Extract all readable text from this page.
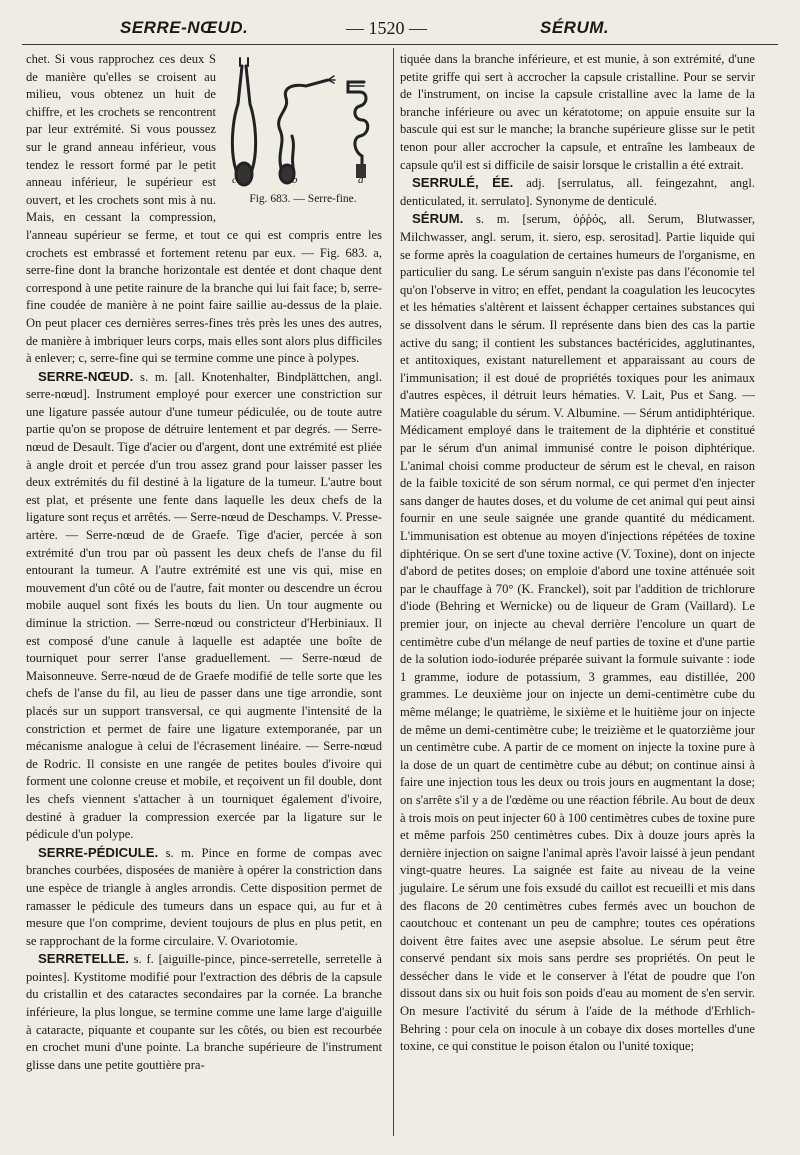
SERRE-NŒUD.	— 1520 —	SÉRUM.
c	b	a
Fig. 683. — Serre-fine.

chet. Si vous rapprochez ces deux S de manière qu'elles se croisent au milieu, vous obtenez un huit de chiffre, et les crochets se rencontrent par leur extrémité. Si vous poussez sur le grand anneau inférieur, vous tendez le ressort formé par le petit anneau inférieur, le supérieur est ouvert, et les crochets sont mis à nu. Mais, en cessant la compression, l'anneau supérieur se ferme, et tout ce qui est compris entre les crochets est embrassé et fortement retenu par eux. — Fig. 683. a, serre-fine dont la branche horizontale est dentée et dont chaque dent correspond à une petite rainure de la branche qui lui fait face; b, serre-fine coudée de manière à ne point faire saillie au-dessus de la plaie. On peut placer ces dernières serres-fines très près les unes des autres, de manière à imbriquer leurs corps, mais elles sont alors plus difficiles à enlever; c, serre-fine qui se termine comme une pince à polypes.

SERRE-NŒUD. s. m. [all. Knotenhalter, Bindplättchen, angl. serre-nœud]. Instrument employé pour exercer une constriction sur une ligature passée autour d'une tumeur pédiculée, ou de toute autre partie qu'on se propose de détruire lentement et par degrés. — Serre-nœud de Desault. Tige d'acier ou d'argent, dont une extrémité est pliée à angle droit et percée d'un trou assez grand pour laisser passer les deux extrémités du fil destiné à la ligature de la tumeur. L'autre bout est plat, et présente une fente dans laquelle les deux chefs de la ligature sont reçus et arrêtés. — Serre-nœud de Deschamps. V. Presse-artère. — Serre-nœud de de Graefe. Tige d'acier, percée à son extrémité d'un trou par où passent les deux chefs de l'anse du fil entourant la tumeur. A l'autre extrémité est une vis qui, mise en mouvement d'un côté ou de l'autre, fait monter ou descendre un écrou mobile auquel sont fixés les bouts du lien. Un tour augmente ou diminue la striction. — Serre-nœud ou constricteur d'Herbiniaux. Il est composé d'une canule à laquelle est adaptée une boîte de tourniquet pour serrer l'anse graduellement. — Serre-nœud de Maisonneuve. Serre-nœud de de Graefe modifié de telle sorte que les chefs de l'anse du fil, au lieu de passer dans une tige arrondie, sont placés sur un support transversal, ce qui augmente l'intensité de la constriction et permet de faire une ligature extemporanée, par un mécanisme analogue à celui de l'écrasement linéaire. — Serre-nœud de Rodric. Il consiste en une rangée de petites boules d'ivoire qui forment une colonne creuse et mobile, et reçoivent un fil double, dont les chefs viennent s'attacher à un tourniquet également d'ivoire, destiné à graduer la compression exercée par la ligature sur le pédicule d'un polype.

SERRE-PÉDICULE. s. m. Pince en forme de compas avec branches courbées, disposées de manière à opérer la constriction dans une espèce de triangle à angles arrondis. Cette disposition permet de ramasser le pédicule des tumeurs dans un espace qui, au fur et à mesure que l'on comprime, devient toujours de plus en plus petit, en se rapprochant de la forme circulaire. V. Ovariotomie.

SERRETELLE. s. f. [aiguille-pince, pince-serretelle, serretelle à pointes]. Kystitome modifié pour l'extraction des débris de la capsule du cristallin et des cataractes secondaires par la cornée. La branche inférieure, la plus longue, se termine comme une lame large d'aiguille à cataracte, piquante et coupante sur les côtés, ou bien est recourbée en crochet muni d'une pointe. La branche supérieure de l'instrument glisse dans une petite gouttière pra-

tiquée dans la branche inférieure, et est munie, à son extrémité, d'une petite griffe qui sert à accrocher la capsule cristalline. Pour se servir de l'instrument, on incise la capsule cristalline avec la lame de la branche inférieure ou avec un kératotome; on appuie ensuite sur la bascule qui est sur le manche; la branche supérieure glisse sur le petit tenon pour aller accrocher la capsule, et entraîne les lambeaux de capsule qu'il est si difficile de saisir lorsque le cristallin a été extrait.

SERRULÉ, ÉE. adj. [serrulatus, all. feingezahnt, angl. denticulated, it. serrulato]. Synonyme de denticulé.

SÉRUM. s. m. [serum, ὀῤῥός, all. Serum, Blutwasser, Milchwasser, angl. serum, it. siero, esp. serositad]. Partie liquide qui se forme après la coagulation de certaines humeurs de l'organisme, en particulier du sang. Le sérum sanguin n'existe pas dans l'économie tel qu'on l'observe in vitro; en effet, pendant la coagulation les leucocytes et les hématies s'altèrent et laissent échapper certaines substances qui se dissolvent dans le sérum. Il représente dans bien des cas la partie active du sang; il contient les substances bactéricides, agglutinantes, et antitoxiques, existant naturellement et apparaissant au cours de l'immunisation; il est doué de propriétés toxiques pour les animaux d'autres espèces, il détruit leurs hématies. V. Lait, Pus et Sang. — Matière coagulable du sérum. V. Albumine. — Sérum antidiphtérique. Médicament employé dans le traitement de la diphtérie et constitué par le sérum d'un animal immunisé contre le poison diphtérique. L'animal choisi comme producteur de sérum est le cheval, en raison de la faible toxicité de son sérum normal, ce qui permet d'en injecter sans danger de hautes doses, et du volume de cet animal qui peut ainsi fournir en une seule saignée une grande quantité du médicament. L'immunisation est obtenue au moyen d'injections répétées de toxine diphtérique. On se sert d'une toxine active (V. Toxine), dont on injecte d'abord de petites doses; on emploie d'abord une toxine atténuée soit par le chauffage à 70° (K. Franckel), soit par l'addition de trichlorure d'iode (Behring et Wernicke) ou de liqueur de Gram (Vaillard). Le premier jour, on injecte au cheval derrière l'encolure un quart de centimètre cube d'un mélange de neuf parties de toxine et d'une partie de la solution iodo-iodurée préparée suivant la formule suivante : iode 1 gramme, iodure de potassium, 3 grammes, eau distillée, 200 grammes. Le deuxième jour on injecte un demi-centimètre cube du même mélange; le quatrième, le sixième et le huitième jour on injecte de même un demi-centimètre cube; le treizième et le quatorzième jour un centimètre cube. A partir de ce moment on injecte la toxine pure à la dose de un quart de centimètre cube au début; on continue ainsi à faire une injection tous les deux ou trois jours en augmentant la dose; on s'arrête s'il y a de l'œdème ou une réaction fébrile. Au bout de deux à trois mois on peut injecter 60 à 100 centimètres cubes de toxine pure et même parfois 250 centimètres cubes. Dix à douze jours après la dernière injection on saigne l'animal après l'avoir laissé à jeun pendant vingt-quatre heures. La saignée est faite au niveau de la veine jugulaire. Le sérum une fois exsudé du caillot est recueilli et mis dans des flacons de 20 centimètres cubes fermés avec un bouchon de caoutchouc et contenant un peu de camphre; toutes ces opérations doivent être faites avec une asepsie absolue. Le sérum peut être conservé pendant six mois sans perdre ses propriétés. On peut le dessécher dans le vide et le conserver à l'état de poudre que l'on dissout dans six ou huit fois son poids d'eau au moment de s'en servir. On mesure l'activité du sérum à l'aide de la méthode d'Erhlich-Behring : pour cela on inocule à un cobaye dix doses mortelles d'une toxine, ce qui constitue le poison étalon ou l'unité toxique;
